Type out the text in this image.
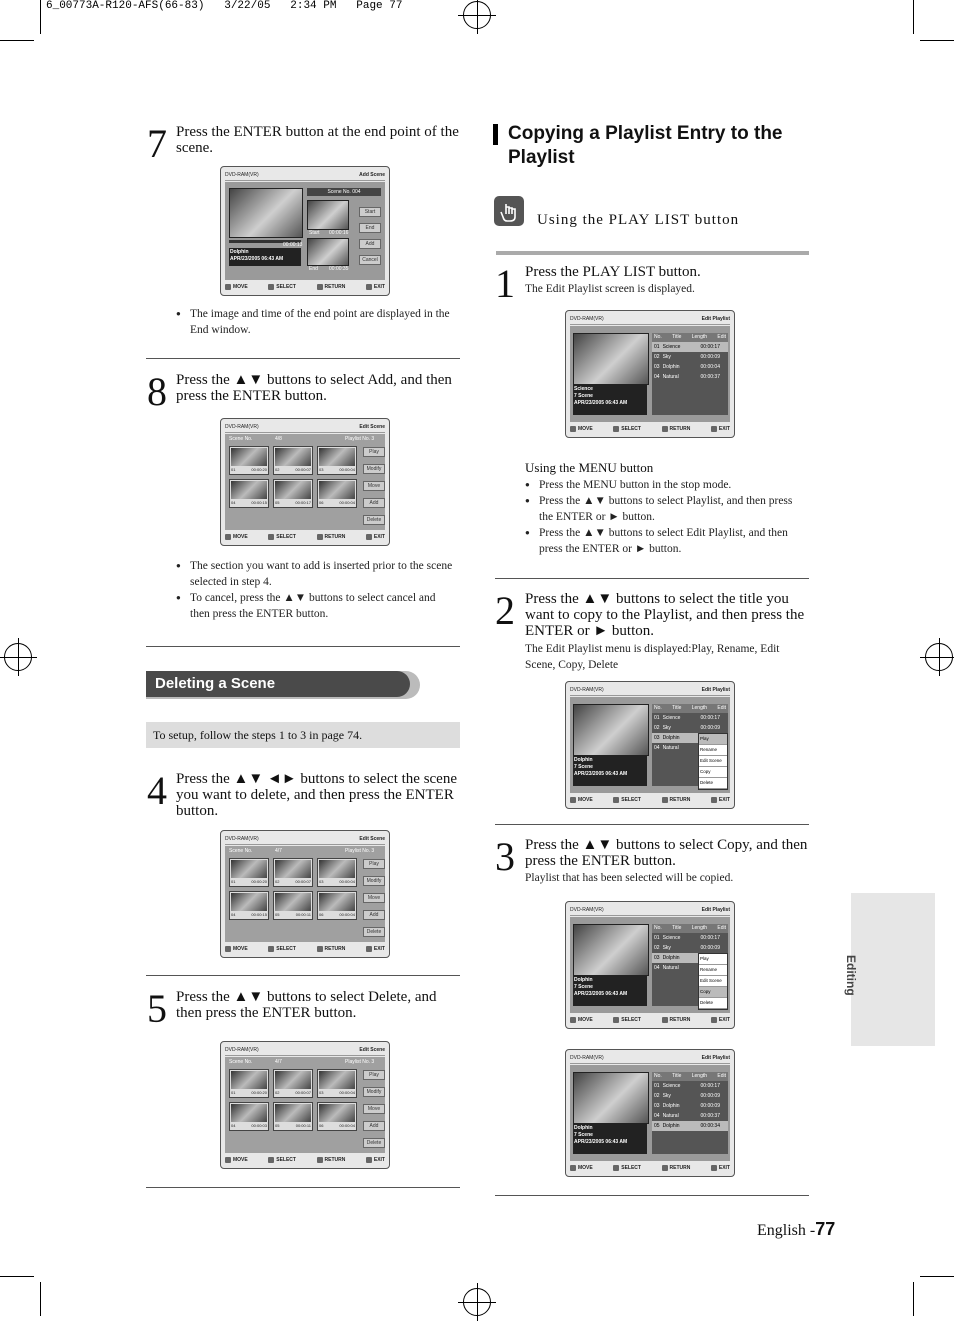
6_00773A-R120-AFS(66-83)   3/22/05   2:34 PM   Page 77
7 Press the ENTER button at the end point of the scene.
DVD-RAM(VR)	Add Scene
00:00:13
Dolphin
APR/23/2005 06:43 AM
Scene No. 004
Start 00:00:16
End 00:00:35
Start
End
Add
Cancel
MOVE	SELECT	RETURN	EXIT
● The image and time of the end point are displayed in the End window.
8 Press the ▲▼ buttons to select Add, and then press the ENTER button.
DVD-RAM(VR)	Edit Scene
Scene No.	4/8	Playlist No. 3
01	00:00:20 02	00:00:07 03	00:00:04
04	00:00:15 05	00:00:17 06	00:00:04
Play
Modify
Move
Add
Delete
MOVE	SELECT	RETURN	EXIT
● The section you want to add is inserted prior to the scene selected in step 4.
● To cancel, press the ▲▼ buttons to select cancel and then press the ENTER button.
Deleting a Scene
To setup, follow the steps 1 to 3 in page 74.
4 Press the ▲▼ ◄► buttons to select the scene you want to delete, and then press the ENTER button.
DVD-RAM(VR)	Edit Scene
Scene No.	4/7	Playlist No. 3
01	00:00:20 02	00:00:07 03	00:00:04
04	00:00:15 05	00:00:11 06	00:00:04
Play
Modify
Move
Add
Delete
MOVE	SELECT	RETURN	EXIT
5 Press the ▲▼ buttons to select Delete, and then press the ENTER button.
DVD-RAM(VR)	Edit Scene
Scene No.	4/7	Playlist No. 3
01	00:00:20 02	00:00:07 03	00:00:04
04	00:00:03 05	00:00:11 06	00:00:04
Play
Modify
Move
Add
Delete
MOVE	SELECT	RETURN	EXIT
Copying a Playlist Entry to the Playlist
Using the PLAY LIST button
1 Press the PLAY LIST button.
The Edit Playlist screen is displayed.
DVD-RAM(VR)	Edit Playlist
Science
7 Scene
APR/23/2005 06:43 AM
No. Title Length Edit
01 Science	00:00:17
02 Sky	00:00:09
03 Dolphin	00:00:04
04 Natural	00:00:37
MOVE	SELECT	RETURN	EXIT
Using the MENU button
● Press the MENU button in the stop mode.
● Press the ▲▼ buttons to select Playlist, and then press the ENTER or ► button.
● Press the ▲▼ buttons to select Edit Playlist, and then press the ENTER or ► button.
2 Press the ▲▼ buttons to select the title you want to copy to the Playlist, and then press the ENTER or ► button.
The Edit Playlist menu is displayed:Play, Rename, Edit Scene, Copy, Delete
DVD-RAM(VR)	Edit Playlist
Dolphin
7 Scene
APR/23/2005 06:43 AM
No. Title Length Edit
01 Science	00:00:17
02 Sky	00:00:09
03 Dolphin
04 Natural
Play
Rename
Edit Scene
Copy
Delete
MOVE	SELECT	RETURN	EXIT
3 Press the ▲▼ buttons to select Copy, and then press the ENTER button.
Playlist that has been selected will be copied.
DVD-RAM(VR)	Edit Playlist
Dolphin
7 Scene
APR/23/2005 06:43 AM
No. Title Length Edit
01 Science	00:00:17
02 Sky	00:00:09
03 Dolphin
04 Natural
Play
Rename
Edit Scene
Copy
Delete
MOVE	SELECT	RETURN	EXIT
DVD-RAM(VR)	Edit Playlist
Dolphin
7 Scene
APR/23/2005 06:43 AM
No. Title Length Edit
01 Science	00:00:17
02 Sky	00:00:09
03 Dolphin	00:00:09
04 Natural	00:00:37
05 Dolphin	00:00:34
MOVE	SELECT	RETURN	EXIT
Editing
English -77
